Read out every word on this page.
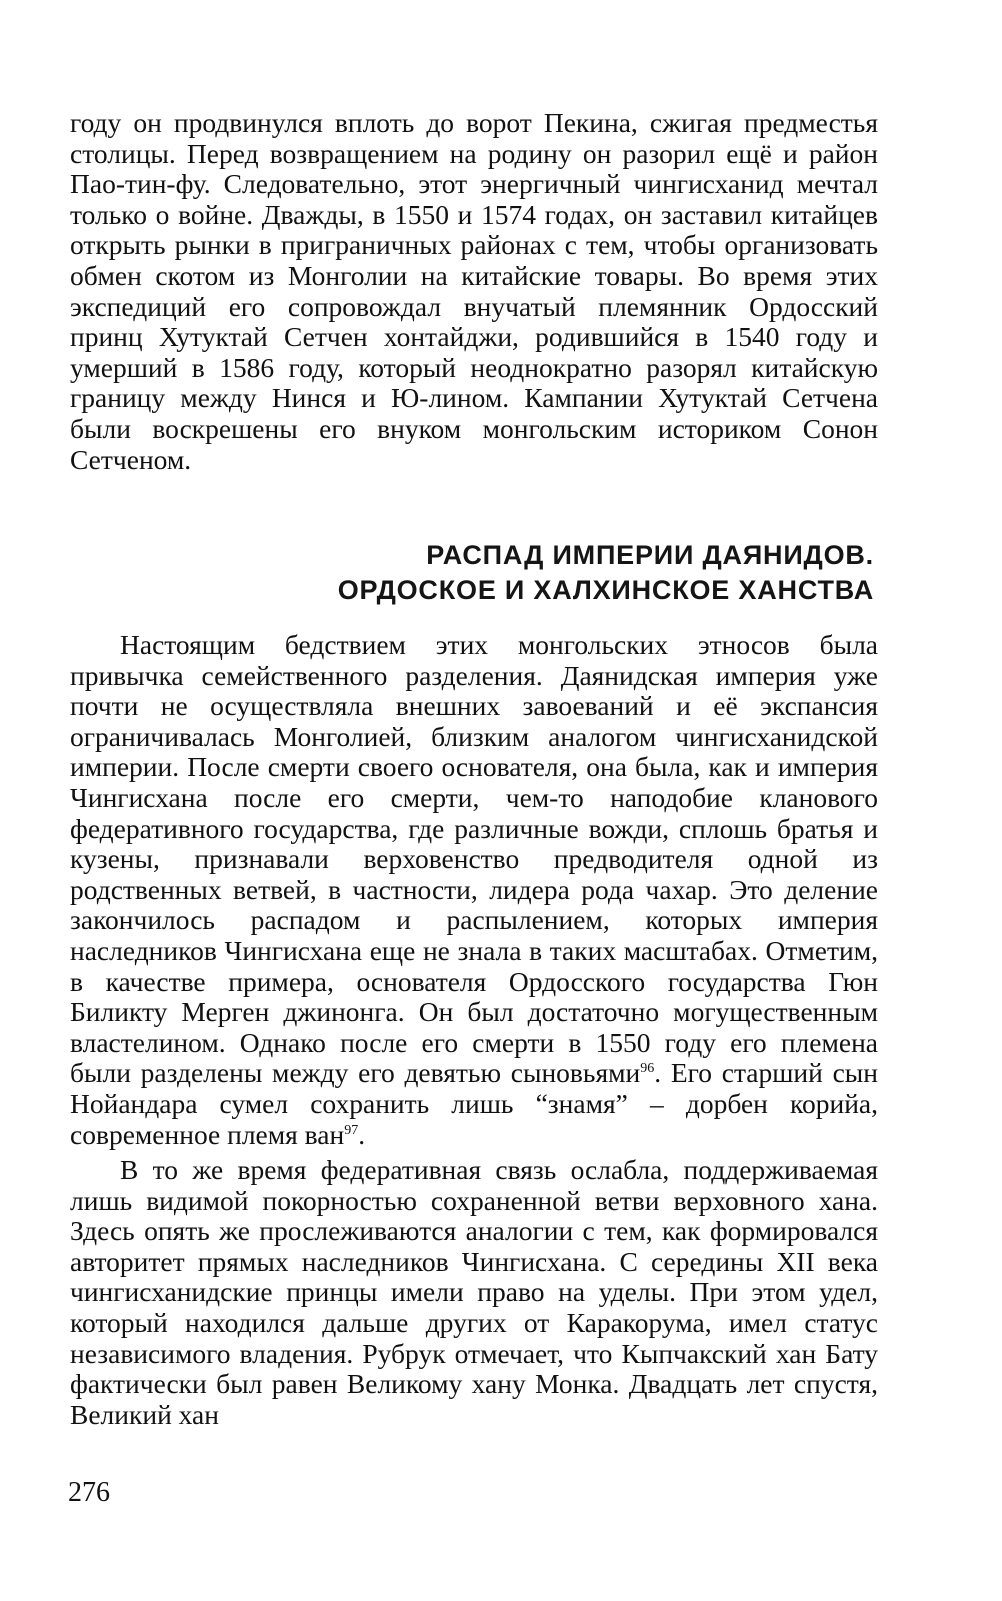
году он продвинулся вплоть до ворот Пекина, сжигая предместья столицы. Перед возвращением на родину он разорил ещё и район Пао-тин-фу. Следовательно, этот энергичный чингисханид мечтал только о войне. Дважды, в 1550 и 1574 годах, он заставил китайцев открыть рынки в приграничных районах с тем, чтобы организовать обмен скотом из Монголии на китайские товары. Во время этих экспедиций его сопровождал внучатый племянник Ордосский принц Хутуктай Сетчен хонтайджи, родившийся в 1540 году и умерший в 1586 году, который неоднократно разорял китайскую границу между Нинся и Ю-лином. Кампании Хутуктай Сетчена были воскрешены его внуком монгольским историком Сонон Сетченом.

РАСПАД ИМПЕРИИ ДАЯНИДОВ.
ОРДОСКОЕ И ХАЛХИНСКОЕ ХАНСТВА

Настоящим бедствием этих монгольских этносов была привычка семейственного разделения. Даянидская империя уже почти не осуществляла внешних завоеваний и её экспансия ограничивалась Монголией, близким аналогом чингисханидской империи. После смерти своего основателя, она была, как и империя Чингисхана после его смерти, чем-то наподобие кланового федеративного государства, где различные вожди, сплошь братья и кузены, признавали верховенство предводителя одной из родственных ветвей, в частности, лидера рода чахар. Это деление закончилось распадом и распылением, которых империя наследников Чингисхана еще не знала в таких масштабах. Отметим, в качестве примера, основателя Ордосского государства Гюн Биликту Мерген джинонга. Он был достаточно могущественным властелином. Однако после его смерти в 1550 году его племена были разделены между его девятью сыновьями$^{96}$. Его старший сын Нойандара сумел сохранить лишь “знамя” – дорбен корийа, современное племя ван$^{97}$.

В то же время федеративная связь ослабла, поддерживаемая лишь видимой покорностью сохраненной ветви верховного хана. Здесь опять же прослеживаются аналогии с тем, как формировался авторитет прямых наследников Чингисхана. С середины XII века чингисханидские принцы имели право на уделы. При этом удел, который находился дальше других от Каракорума, имел статус независимого владения. Рубрук отмечает, что Кыпчакский хан Бату фактически был равен Великому хану Монка. Двадцать лет спустя, Великий хан

276
